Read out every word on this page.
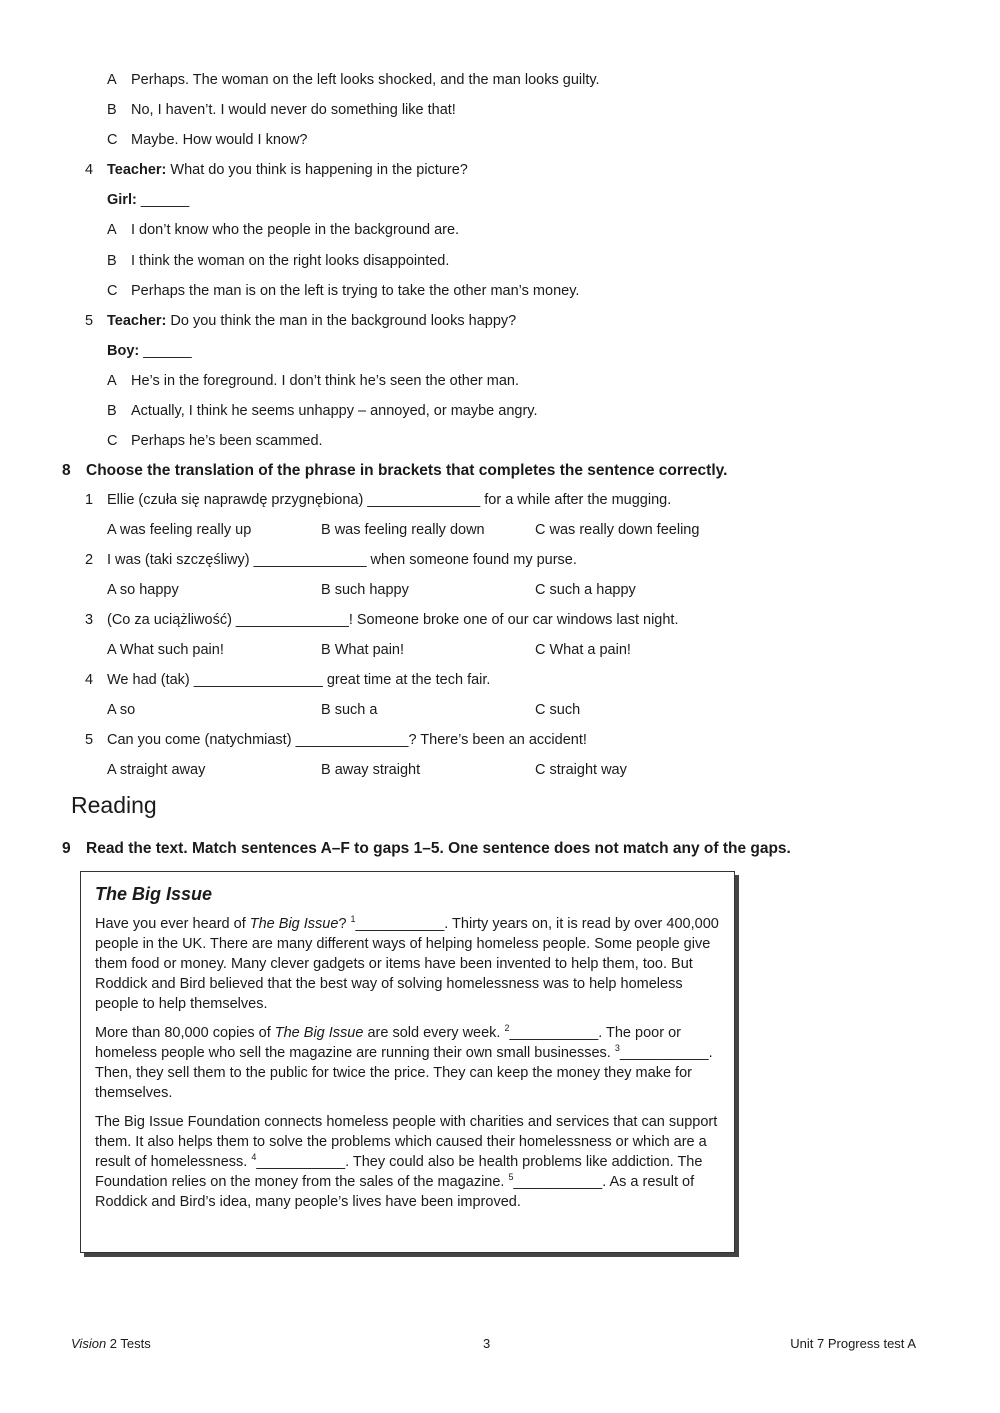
A Perhaps. The woman on the left looks shocked, and the man looks guilty.
B No, I haven’t. I would never do something like that!
C Maybe. How would I know?
4 Teacher: What do you think is happening in the picture?
Girl: ______
A I don’t know who the people in the background are.
B I think the woman on the right looks disappointed.
C Perhaps the man is on the left is trying to take the other man’s money.
5 Teacher: Do you think the man in the background looks happy?
Boy: ______
A He’s in the foreground. I don’t think he’s seen the other man.
B Actually, I think he seems unhappy – annoyed, or maybe angry.
C Perhaps he’s been scammed.
8 Choose the translation of the phrase in brackets that completes the sentence correctly.
1 Ellie (czuła się naprawdę przygnębiona) ______________ for a while after the mugging.
A was feeling really up	B was feeling really down	C was really down feeling
2 I was (taki szczęśliwy) ______________ when someone found my purse.
A so happy	B such happy	C such a happy
3 (Co za uciążliwość) ______________! Someone broke one of our car windows last night.
A What such pain!	B What pain!	C What a pain!
4 We had (tak) ________________ great time at the tech fair.
A so	B such a	C such
5 Can you come (natychmiast) ______________? There’s been an accident!
A straight away	B away straight	C straight way
Reading
9 Read the text. Match sentences A–F to gaps 1–5. One sentence does not match any of the gaps.
The Big Issue

Have you ever heard of The Big Issue? $^1$___________. Thirty years on, it is read by over 400,000 people in the UK. There are many different ways of helping homeless people. Some people give them food or money. Many clever gadgets or items have been invented to help them, too. But Roddick and Bird believed that the best way of solving homelessness was to help homeless people to help themselves.

More than 80,000 copies of The Big Issue are sold every week. $^2$___________. The poor or homeless people who sell the magazine are running their own small businesses. $^3$___________. Then, they sell them to the public for twice the price. They can keep the money they make for themselves.

The Big Issue Foundation connects homeless people with charities and services that can support them. It also helps them to solve the problems which caused their homelessness or which are a result of homelessness. $^4$___________. They could also be health problems like addiction. The Foundation relies on the money from the sales of the magazine. $^5$___________. As a result of Roddick and Bird’s idea, many people’s lives have been improved.

Vision 2 Tests	3	Unit 7 Progress test A
